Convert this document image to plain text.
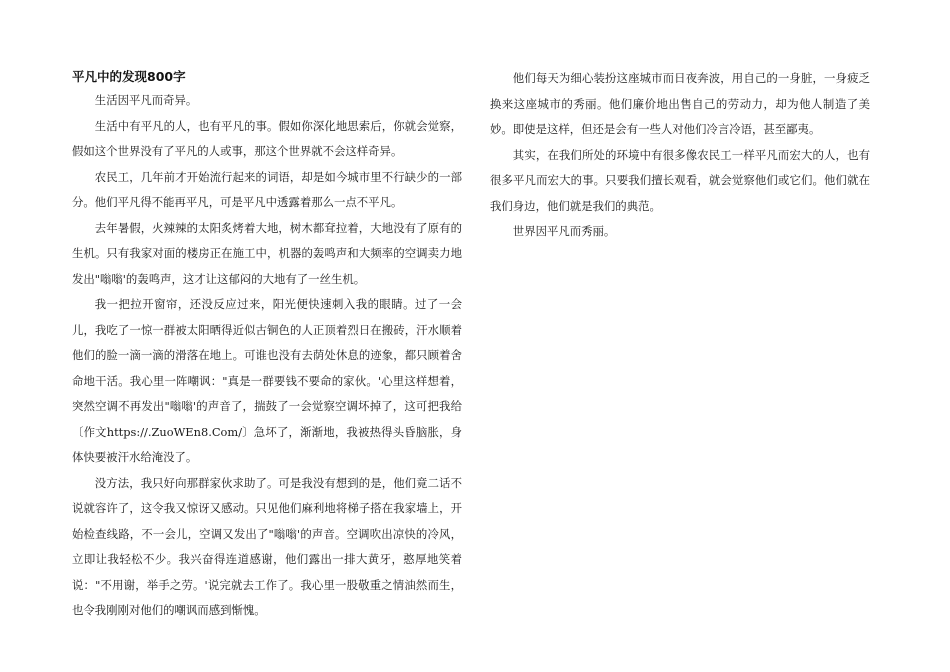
平凡中的发现800字

生活因平凡而奇异。

生活中有平凡的人，也有平凡的事。假如你深化地思索后，你就会觉察，假如这个世界没有了平凡的人或事，那这个世界就不会这样奇异。

农民工，几年前才开始流行起来的词语，却是如今城市里不行缺少的一部分。他们平凡得不能再平凡，可是平凡中透露着那么一点不平凡。

去年暑假，火辣辣的太阳炙烤着大地，树木都耷拉着，大地没有了原有的生机。只有我家对面的楼房正在施工中，机器的轰鸣声和大频率的空调卖力地发出"嗡嗡'的轰鸣声，这才让这郁闷的大地有了一丝生机。

我一把拉开窗帘，还没反应过来，阳光便快速刺入我的眼睛。过了一会儿，我吃了一惊一群被太阳晒得近似古铜色的人正顶着烈日在搬砖，汗水顺着他们的脸一滴一滴的滑落在地上。可谁也没有去荫处休息的迹象，都只顾着舍命地干活。我心里一阵嘲讽："真是一群要钱不要命的家伙。'心里这样想着，突然空调不再发出"嗡嗡'的声音了，揣鼓了一会觉察空调坏掉了，这可把我给〔作文https://.ZuoWEn8.Com/〕急坏了，渐渐地，我被热得头昏脑胀，身体快要被汗水给淹没了。

没方法，我只好向那群家伙求助了。可是我没有想到的是，他们竟二话不说就容许了，这令我又惊讶又感动。只见他们麻利地将梯子搭在我家墙上，开始检查线路，不一会儿，空调又发出了"嗡嗡'的声音。空调吹出凉快的冷风，立即让我轻松不少。我兴奋得连道感谢，他们露出一排大黄牙，憨厚地笑着说："不用谢，举手之劳。'说完就去工作了。我心里一股敬重之情油然而生，也令我刚刚对他们的嘲讽而感到惭愧。

他们每天为细心装扮这座城市而日夜奔波，用自己的一身脏，一身疲乏换来这座城市的秀丽。他们廉价地出售自己的劳动力，却为他人制造了美妙。即使是这样，但还是会有一些人对他们冷言冷语，甚至鄙夷。

其实，在我们所处的环境中有很多像农民工一样平凡而宏大的人，也有很多平凡而宏大的事。只要我们擅长观看，就会觉察他们或它们。他们就在我们身边，他们就是我们的典范。

世界因平凡而秀丽。
